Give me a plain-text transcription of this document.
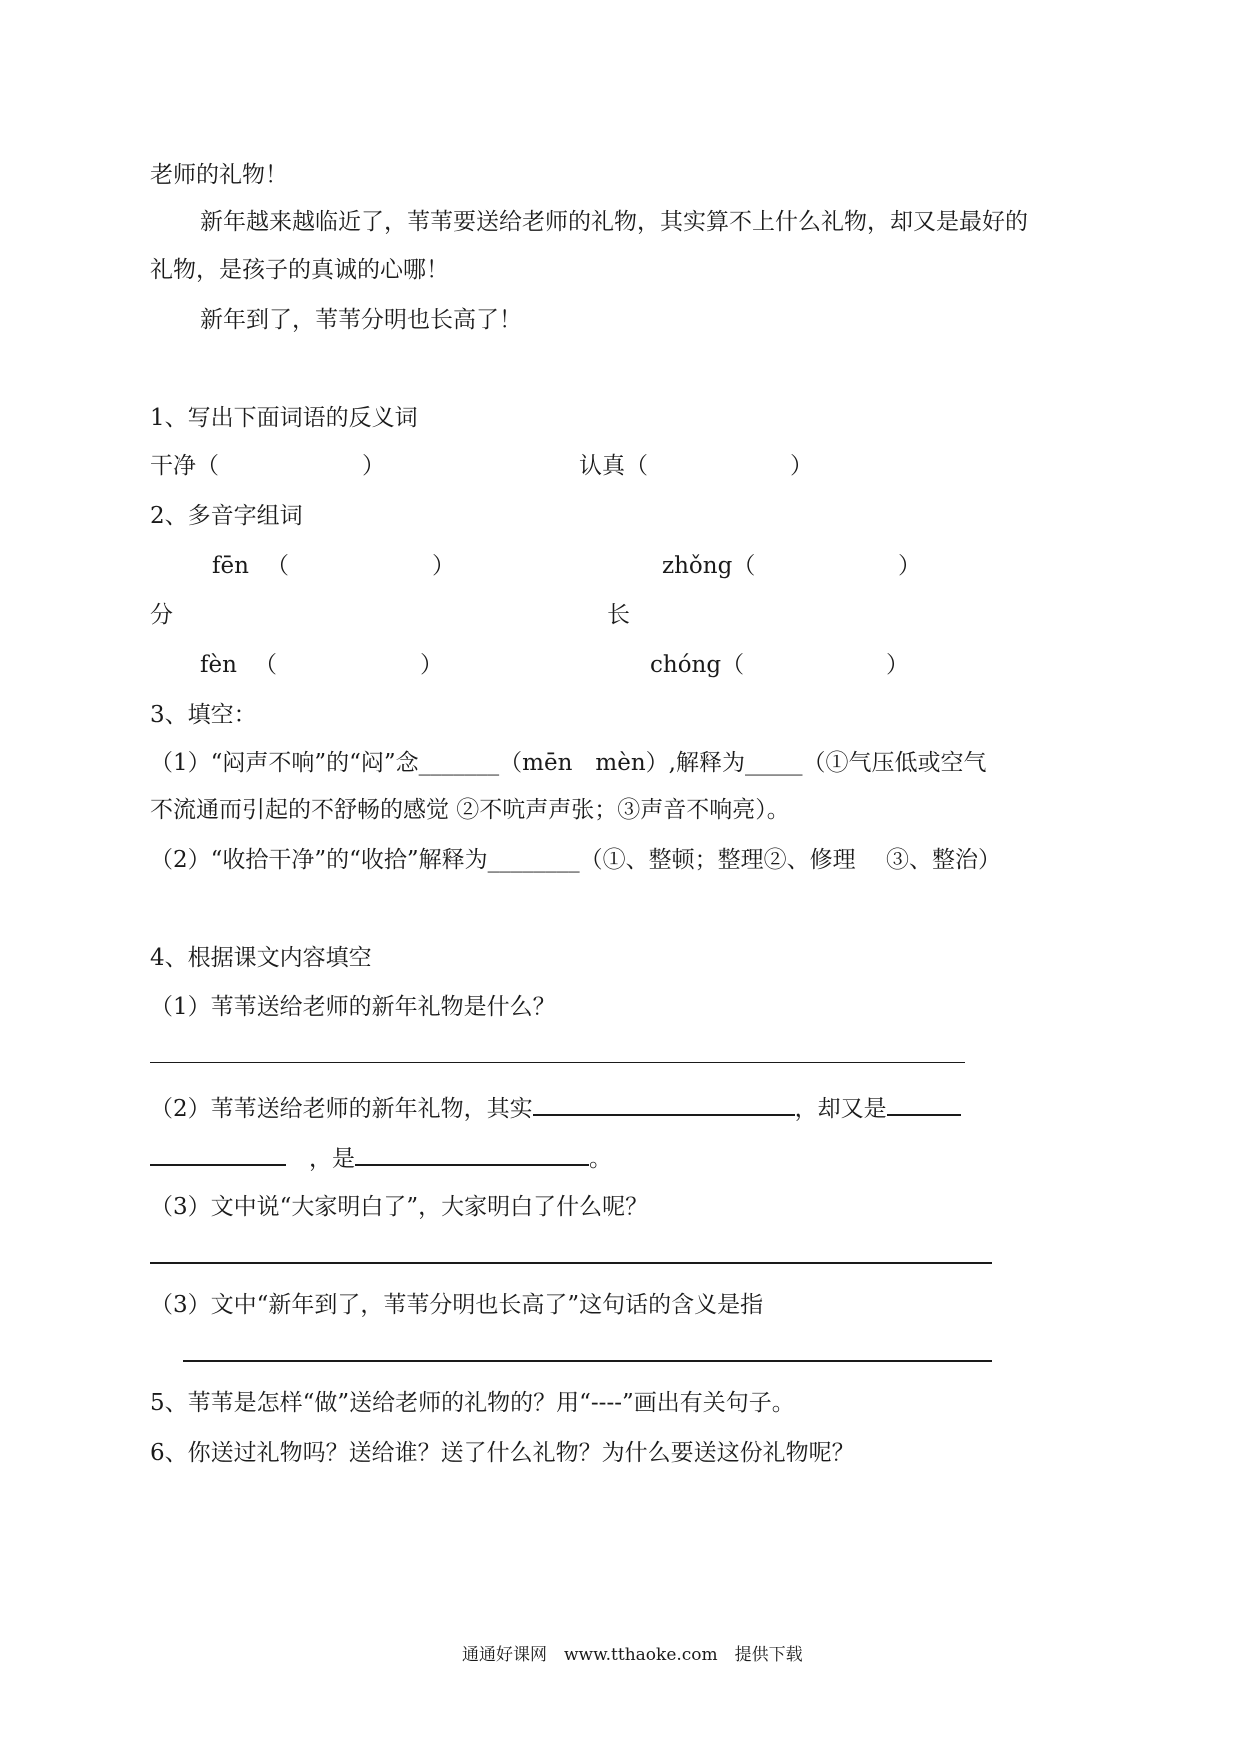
老师的礼物！
新年越来越临近了，苇苇要送给老师的礼物，其实算不上什么礼物，却又是最好的
礼物，是孩子的真诚的心哪！
新年到了，苇苇分明也长高了！
1、写出下面词语的反义词
干净（	）	认真（	）
2、多音字组词
fēn （	）	zhǒng（	）
分	长
fèn （	）	chóng（	）
3、填空：
（1）“闷声不响”的“闷”念_______（mēn　mèn）,解释为_____（①气压低或空气
不流通而引起的不舒畅的感觉 ②不吭声声张；③声音不响亮）。
（2）“收拾干净”的“收拾”解释为________（①、整顿；整理②、修理　 ③、整治）
4、根据课文内容填空
（1）苇苇送给老师的新年礼物是什么？
（2）苇苇送给老师的新年礼物，其实	，却又是
　，是	。
（3）文中说“大家明白了”，大家明白了什么呢？
（3）文中“新年到了，苇苇分明也长高了”这句话的含义是指
5、苇苇是怎样“做”送给老师的礼物的？用“----”画出有关句子。
6、你送过礼物吗？送给谁？送了什么礼物？为什么要送这份礼物呢？
通通好课网　www.tthaoke.com　提供下载
